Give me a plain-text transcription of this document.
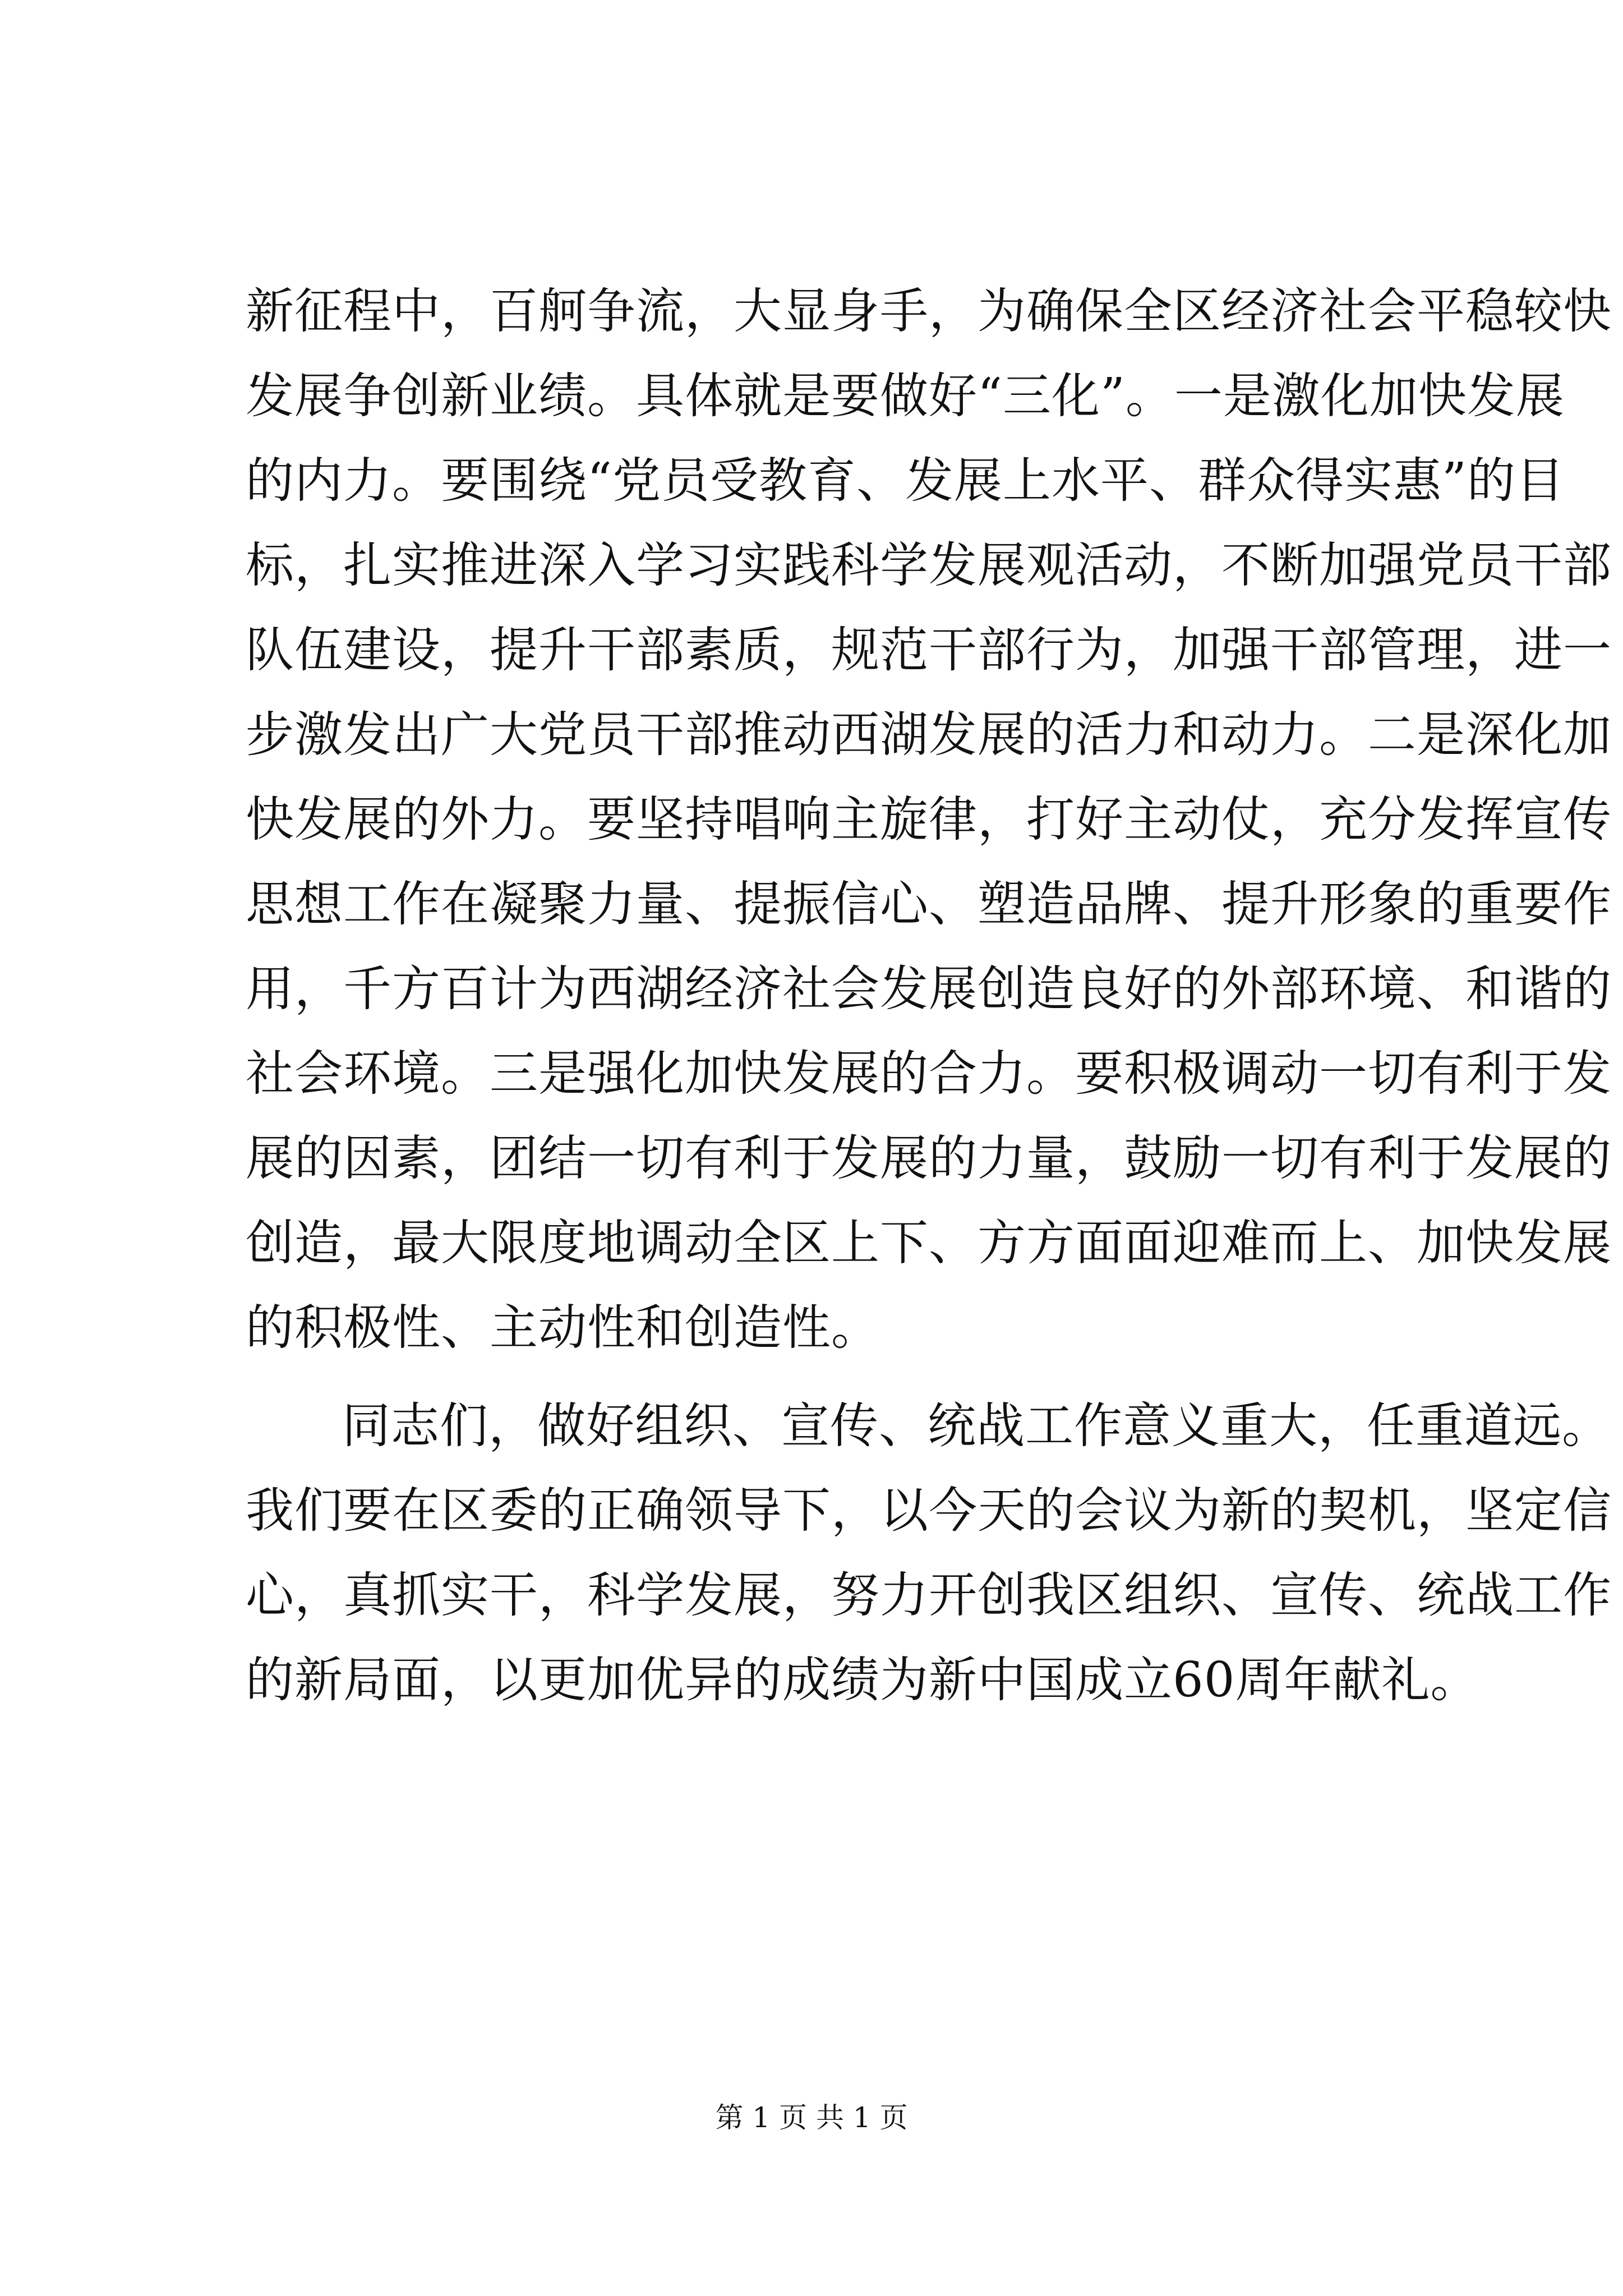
新征程中，百舸争流，大显身手，为确保全区经济社会平稳较快
发展争创新业绩。具体就是要做好“三化”。一是激化加快发展
的内力。要围绕“党员受教育、发展上水平、群众得实惠”的目
标，扎实推进深入学习实践科学发展观活动，不断加强党员干部
队伍建设，提升干部素质，规范干部行为，加强干部管理，进一
步激发出广大党员干部推动西湖发展的活力和动力。二是深化加
快发展的外力。要坚持唱响主旋律，打好主动仗，充分发挥宣传
思想工作在凝聚力量、提振信心、塑造品牌、提升形象的重要作
用，千方百计为西湖经济社会发展创造良好的外部环境、和谐的
社会环境。三是强化加快发展的合力。要积极调动一切有利于发
展的因素，团结一切有利于发展的力量，鼓励一切有利于发展的
创造，最大限度地调动全区上下、方方面面迎难而上、加快发展
的积极性、主动性和创造性。
同志们，做好组织、宣传、统战工作意义重大，任重道远。
我们要在区委的正确领导下，以今天的会议为新的契机，坚定信
心，真抓实干，科学发展，努力开创我区组织、宣传、统战工作
的新局面，以更加优异的成绩为新中国成立60周年献礼。
第 1 页 共 1 页
